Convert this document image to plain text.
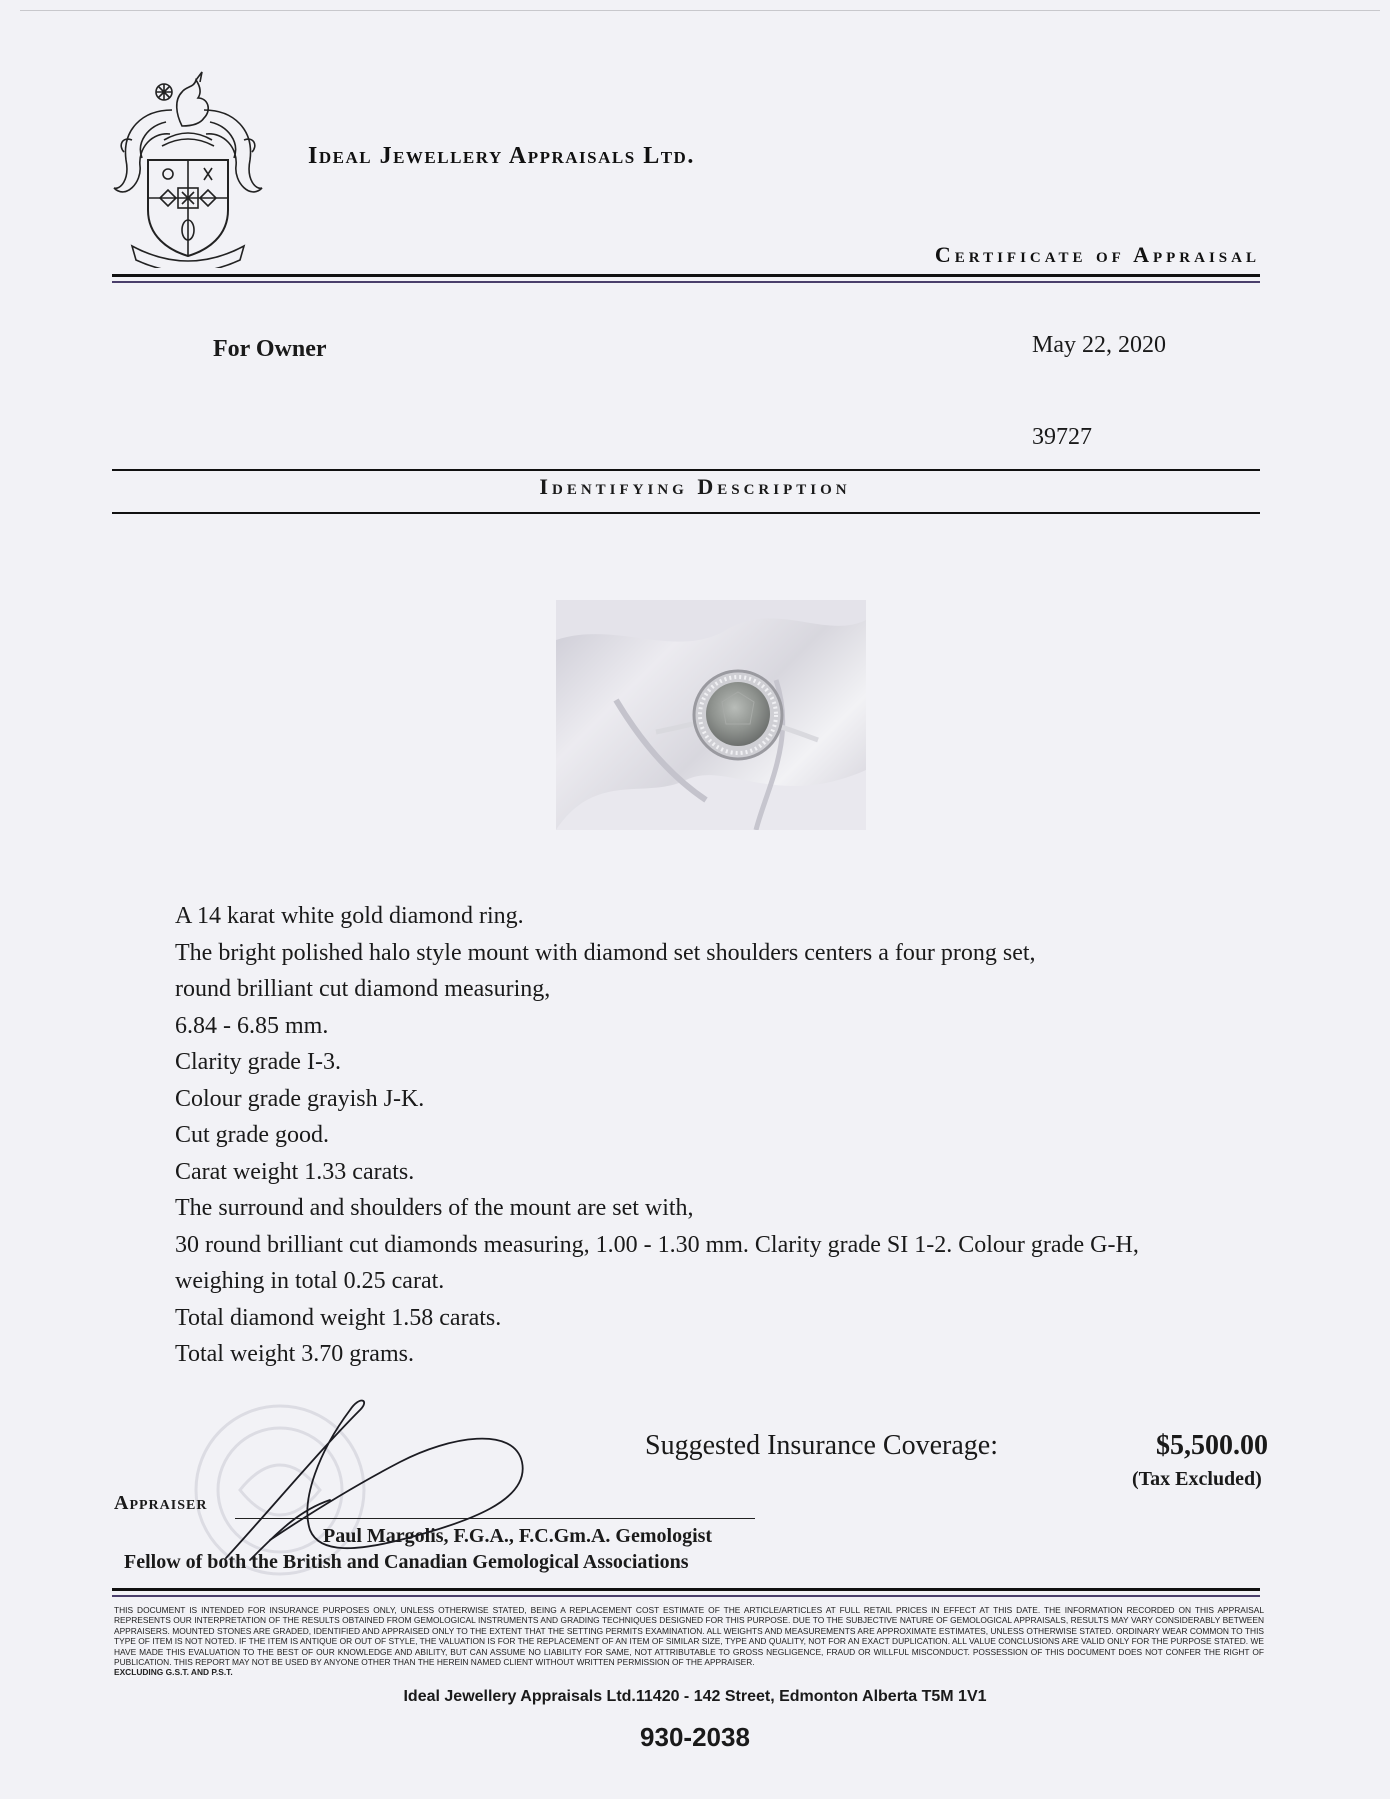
Ideal Jewellery Appraisals Ltd.
Certificate of Appraisal
For Owner	May 22, 2020
39727
Identifying Description
A 14 karat white gold diamond ring.
The bright polished halo style mount with diamond set shoulders centers a four prong set,
round brilliant cut diamond measuring,
6.84 - 6.85 mm.
Clarity grade I-3.
Colour grade grayish J-K.
Cut grade good.
Carat weight 1.33 carats.
The surround and shoulders of the mount are set with,
30 round brilliant cut diamonds measuring, 1.00 - 1.30 mm. Clarity grade SI 1-2. Colour grade G-H,
weighing in total 0.25 carat.
Total diamond weight 1.58 carats.
Total weight 3.70 grams.
Suggested Insurance Coverage:	$5,500.00
(Tax Excluded)
Appraiser
Paul Margolis, F.G.A., F.C.Gm.A. Gemologist
Fellow of both the British and Canadian Gemological Associations
THIS DOCUMENT IS INTENDED FOR INSURANCE PURPOSES ONLY, UNLESS OTHERWISE STATED, BEING A REPLACEMENT COST ESTIMATE OF THE ARTICLE/ARTICLES AT FULL RETAIL PRICES IN EFFECT AT THIS DATE. THE INFORMATION RECORDED ON THIS APPRAISAL REPRESENTS OUR INTERPRETATION OF THE RESULTS OBTAINED FROM GEMOLOGICAL INSTRUMENTS AND GRADING TECHNIQUES DESIGNED FOR THIS PURPOSE. DUE TO THE SUBJECTIVE NATURE OF GEMOLOGICAL APPRAISALS, RESULTS MAY VARY CONSIDERABLY BETWEEN APPRAISERS. MOUNTED STONES ARE GRADED, IDENTIFIED AND APPRAISED ONLY TO THE EXTENT THAT THE SETTING PERMITS EXAMINATION. ALL WEIGHTS AND MEASUREMENTS ARE APPROXIMATE ESTIMATES, UNLESS OTHERWISE STATED. ORDINARY WEAR COMMON TO THIS TYPE OF ITEM IS NOT NOTED. IF THE ITEM IS ANTIQUE OR OUT OF STYLE, THE VALUATION IS FOR THE REPLACEMENT OF AN ITEM OF SIMILAR SIZE, TYPE AND QUALITY, NOT FOR AN EXACT DUPLICATION. ALL VALUE CONCLUSIONS ARE VALID ONLY FOR THE PURPOSE STATED. WE HAVE MADE THIS EVALUATION TO THE BEST OF OUR KNOWLEDGE AND ABILITY, BUT CAN ASSUME NO LIABILITY FOR SAME, NOT ATTRIBUTABLE TO GROSS NEGLIGENCE, FRAUD OR WILLFUL MISCONDUCT. POSSESSION OF THIS DOCUMENT DOES NOT CONFER THE RIGHT OF PUBLICATION. THIS REPORT MAY NOT BE USED BY ANYONE OTHER THAN THE HEREIN NAMED CLIENT WITHOUT WRITTEN PERMISSION OF THE APPRAISER.
EXCLUDING G.S.T. AND P.S.T.
Ideal Jewellery Appraisals Ltd.11420 - 142 Street, Edmonton Alberta T5M 1V1
930-2038
